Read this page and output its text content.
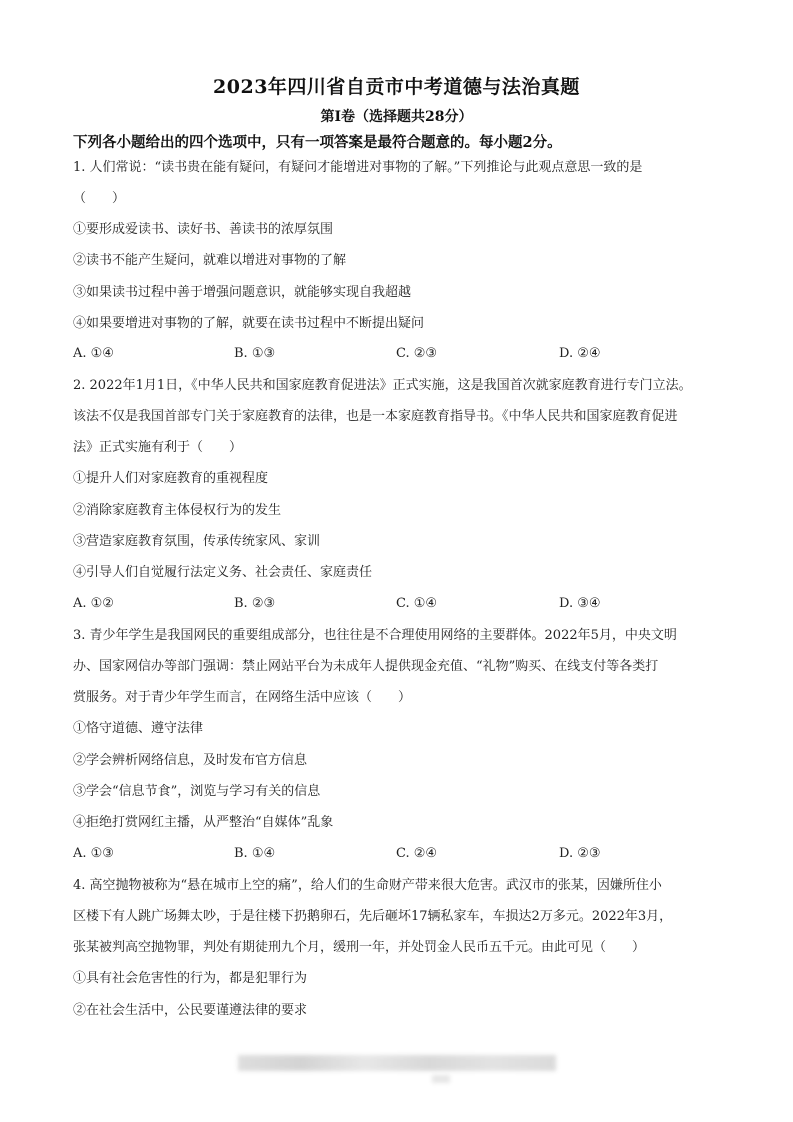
2023年四川省自贡市中考道德与法治真题
第I卷（选择题共28分）
下列各小题给出的四个选项中，只有一项答案是最符合题意的。每小题2分。
1. 人们常说：“读书贵在能有疑问，有疑问才能增进对事物的了解。”下列推论与此观点意思一致的是
（　　）
①要形成爱读书、读好书、善读书的浓厚氛围
②读书不能产生疑问，就难以增进对事物的了解
③如果读书过程中善于增强问题意识，就能够实现自我超越
④如果要增进对事物的了解，就要在读书过程中不断提出疑问
A. ①④	B. ①③	C. ②③	D. ②④
2. 2022年1月1日，《中华人民共和国家庭教育促进法》正式实施，这是我国首次就家庭教育进行专门立法。
该法不仅是我国首部专门关于家庭教育的法律，也是一本家庭教育指导书。《中华人民共和国家庭教育促进
法》正式实施有利于（　　）
①提升人们对家庭教育的重视程度
②消除家庭教育主体侵权行为的发生
③营造家庭教育氛围，传承传统家风、家训
④引导人们自觉履行法定义务、社会责任、家庭责任
A. ①②	B. ②③	C. ①④	D. ③④
3. 青少年学生是我国网民的重要组成部分，也往往是不合理使用网络的主要群体。2022年5月，中央文明
办、国家网信办等部门强调：禁止网站平台为未成年人提供现金充值、“礼物”购买、在线支付等各类打
赏服务。对于青少年学生而言，在网络生活中应该（　　）
①恪守道德、遵守法律
②学会辨析网络信息，及时发布官方信息
③学会“信息节食”，浏览与学习有关的信息
④拒绝打赏网红主播，从严整治“自媒体”乱象
A. ①③	B. ①④	C. ②④	D. ②③
4. 高空抛物被称为“悬在城市上空的痛”，给人们的生命财产带来很大危害。武汉市的张某，因嫌所住小
区楼下有人跳广场舞太吵，于是往楼下扔鹅卵石，先后砸坏17辆私家车，车损达2万多元。2022年3月，
张某被判高空抛物罪，判处有期徒刑九个月，缓刑一年，并处罚金人民币五千元。由此可见（　　）
①具有社会危害性的行为，都是犯罪行为
②在社会生活中，公民要谨遵法律的要求
